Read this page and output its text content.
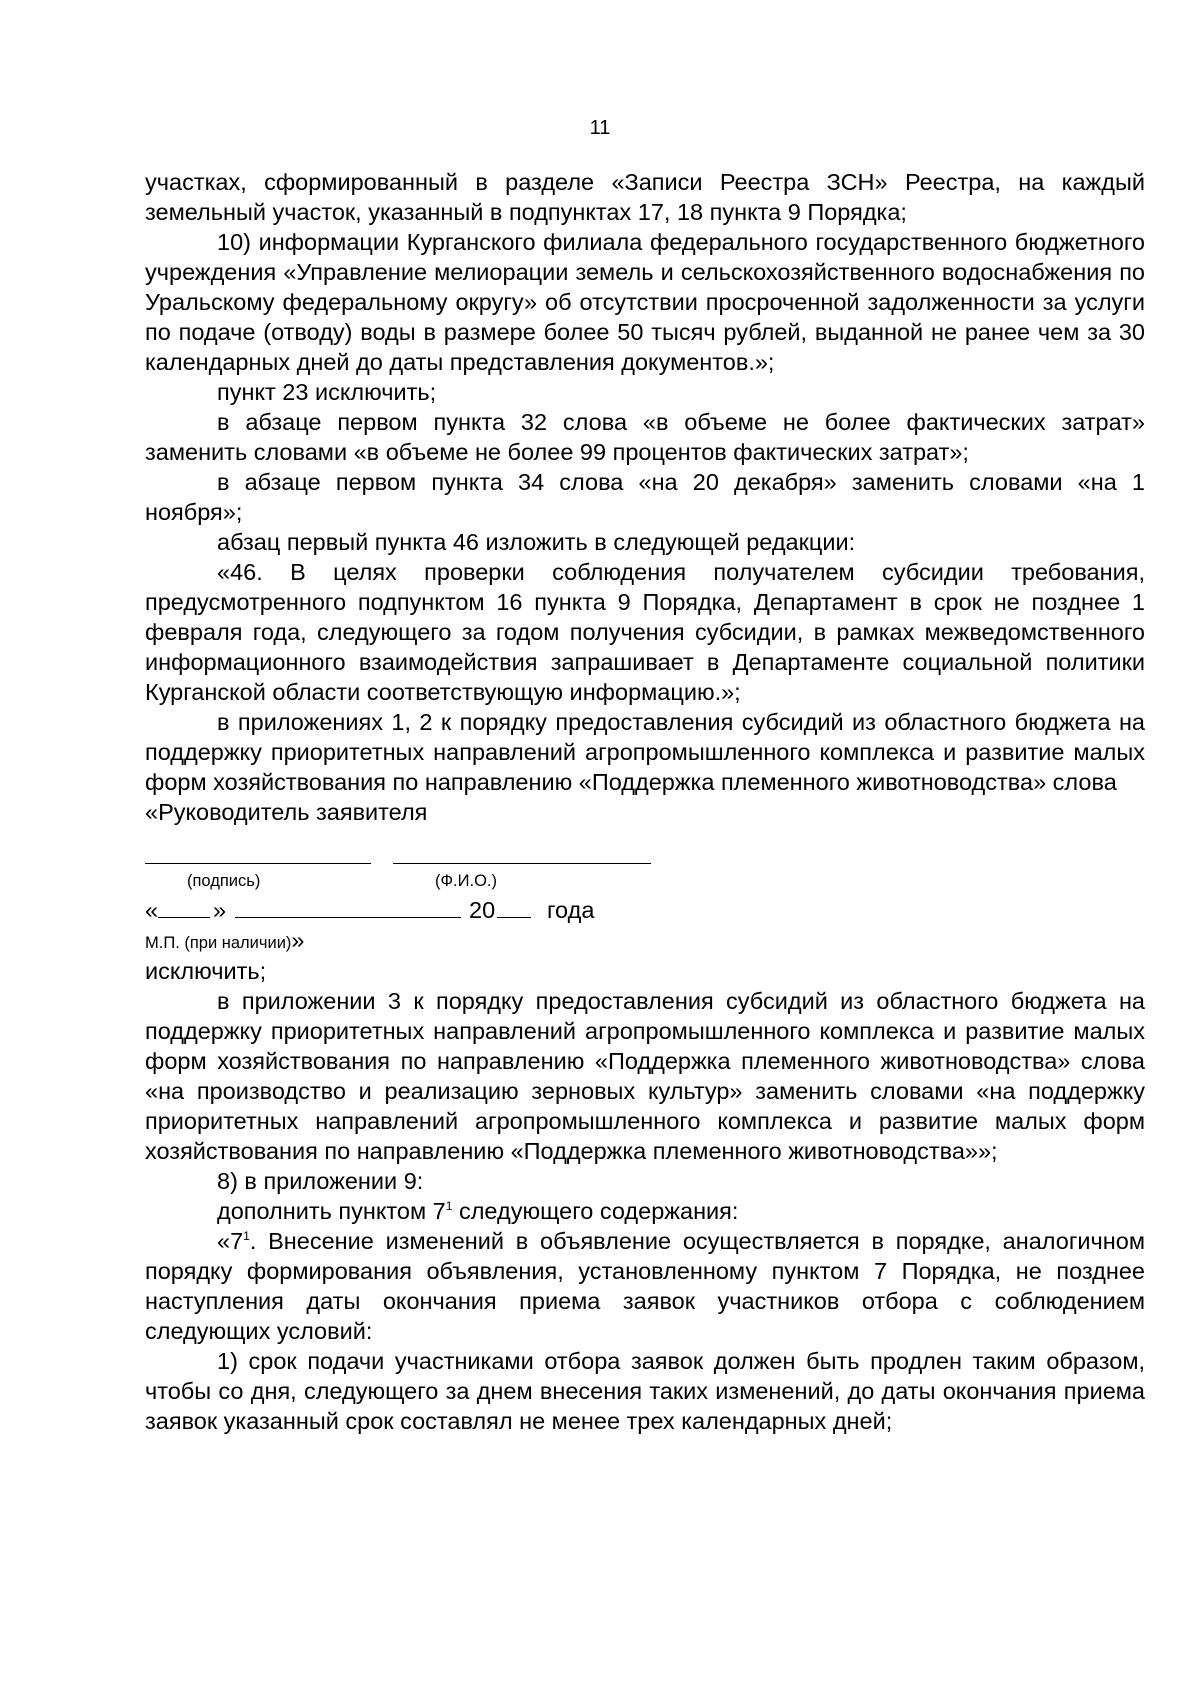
11

участках, сформированный в разделе «Записи Реестра ЗСН» Реестра, на каждый земельный участок, указанный в подпунктах 17, 18 пункта 9 Порядка;

10) информации Курганского филиала федерального государственного бюджетного учреждения «Управление мелиорации земель и сельскохозяйственного водоснабжения по Уральскому федеральному округу» об отсутствии просроченной задолженности за услуги по подаче (отводу) воды в размере более 50 тысяч рублей, выданной не ранее чем за 30 календарных дней до даты представления документов.»;

пункт 23 исключить;

в абзаце первом пункта 32 слова «в объеме не более фактических затрат» заменить словами «в объеме не более 99 процентов фактических затрат»;

в абзаце первом пункта 34 слова «на 20 декабря» заменить словами «на 1 ноября»;

абзац первый пункта 46 изложить в следующей редакции:

«46. В целях проверки соблюдения получателем субсидии требования, предусмотренного подпунктом 16 пункта 9 Порядка, Департамент в срок не позднее 1 февраля года, следующего за годом получения субсидии, в рамках межведомственного информационного взаимодействия запрашивает в Департаменте социальной политики Курганской области соответствующую информацию.»;

в приложениях 1, 2 к порядку предоставления субсидий из областного бюджета на поддержку приоритетных направлений агропромышленного комплекса и развитие малых форм хозяйствования по направлению «Поддержка племенного животноводства» слова

«Руководитель заявителя

(подпись)	(Ф.И.О.)
« »	20 года
М.П. (при наличии)»

исключить;

в приложении 3 к порядку предоставления субсидий из областного бюджета на поддержку приоритетных направлений агропромышленного комплекса и развитие малых форм хозяйствования по направлению «Поддержка племенного животноводства» слова «на производство и реализацию зерновых культур» заменить словами «на поддержку приоритетных направлений агропромышленного комплекса и развитие малых форм хозяйствования по направлению «Поддержка племенного животноводства»»;

8) в приложении 9:

дополнить пунктом $7^1$ следующего содержания:

«$7^1$. Внесение изменений в объявление осуществляется в порядке, аналогичном порядку формирования объявления, установленному пунктом 7 Порядка, не позднее наступления даты окончания приема заявок участников отбора с соблюдением следующих условий:

1) срок подачи участниками отбора заявок должен быть продлен таким образом, чтобы со дня, следующего за днем внесения таких изменений, до даты окончания приема заявок указанный срок составлял не менее трех календарных дней;
